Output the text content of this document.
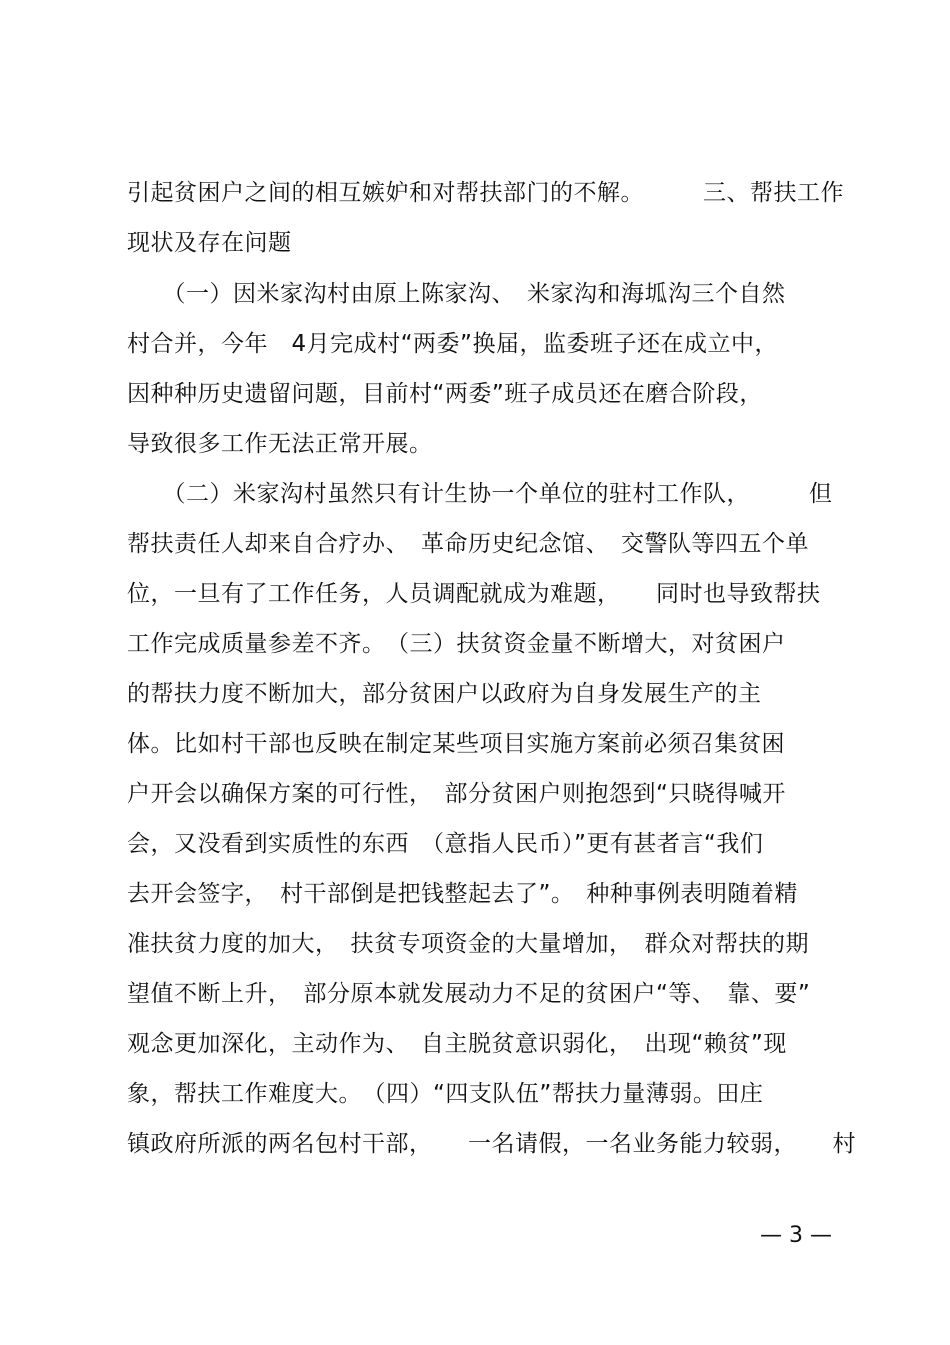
引起贫困户之间的相互嫉妒和对帮扶部门的不解。　　　三、帮扶工作
现状及存在问题
　　（一）因米家沟村由原上陈家沟、　米家沟和海坬沟三个自然
村合并，今年　4月完成村“两委”换届，监委班子还在成立中，
因种种历史遗留问题，目前村“两委”班子成员还在磨合阶段，
导致很多工作无法正常开展。
　　（二）米家沟村虽然只有计生协一个单位的驻村工作队，　　　但
帮扶责任人却来自合疗办、　革命历史纪念馆、　交警队等四五个单
位，一旦有了工作任务，人员调配就成为难题，　　同时也导致帮扶
工作完成质量参差不齐。　（三）扶贫资金量不断增大，对贫困户
的帮扶力度不断加大，部分贫困户以政府为自身发展生产的主
体。比如村干部也反映在制定某些项目实施方案前必须召集贫困
户开会以确保方案的可行性，　部分贫困户则抱怨到“只晓得喊开
会，又没看到实质性的东西　（意指人民币）”更有甚者言“我们
去开会签字，　村干部倒是把钱整起去了”。　种种事例表明随着精
准扶贫力度的加大，　扶贫专项资金的大量增加，　群众对帮扶的期
望值不断上升，　部分原本就发展动力不足的贫困户“等、　靠、要”
观念更加深化，主动作为、　自主脱贫意识弱化，　出现“赖贫”现
象，帮扶工作难度大。　（四）“四支队伍”帮扶力量薄弱。田庄
镇政府所派的两名包村干部，　　一名请假，一名业务能力较弱，　　村
— 3 —
